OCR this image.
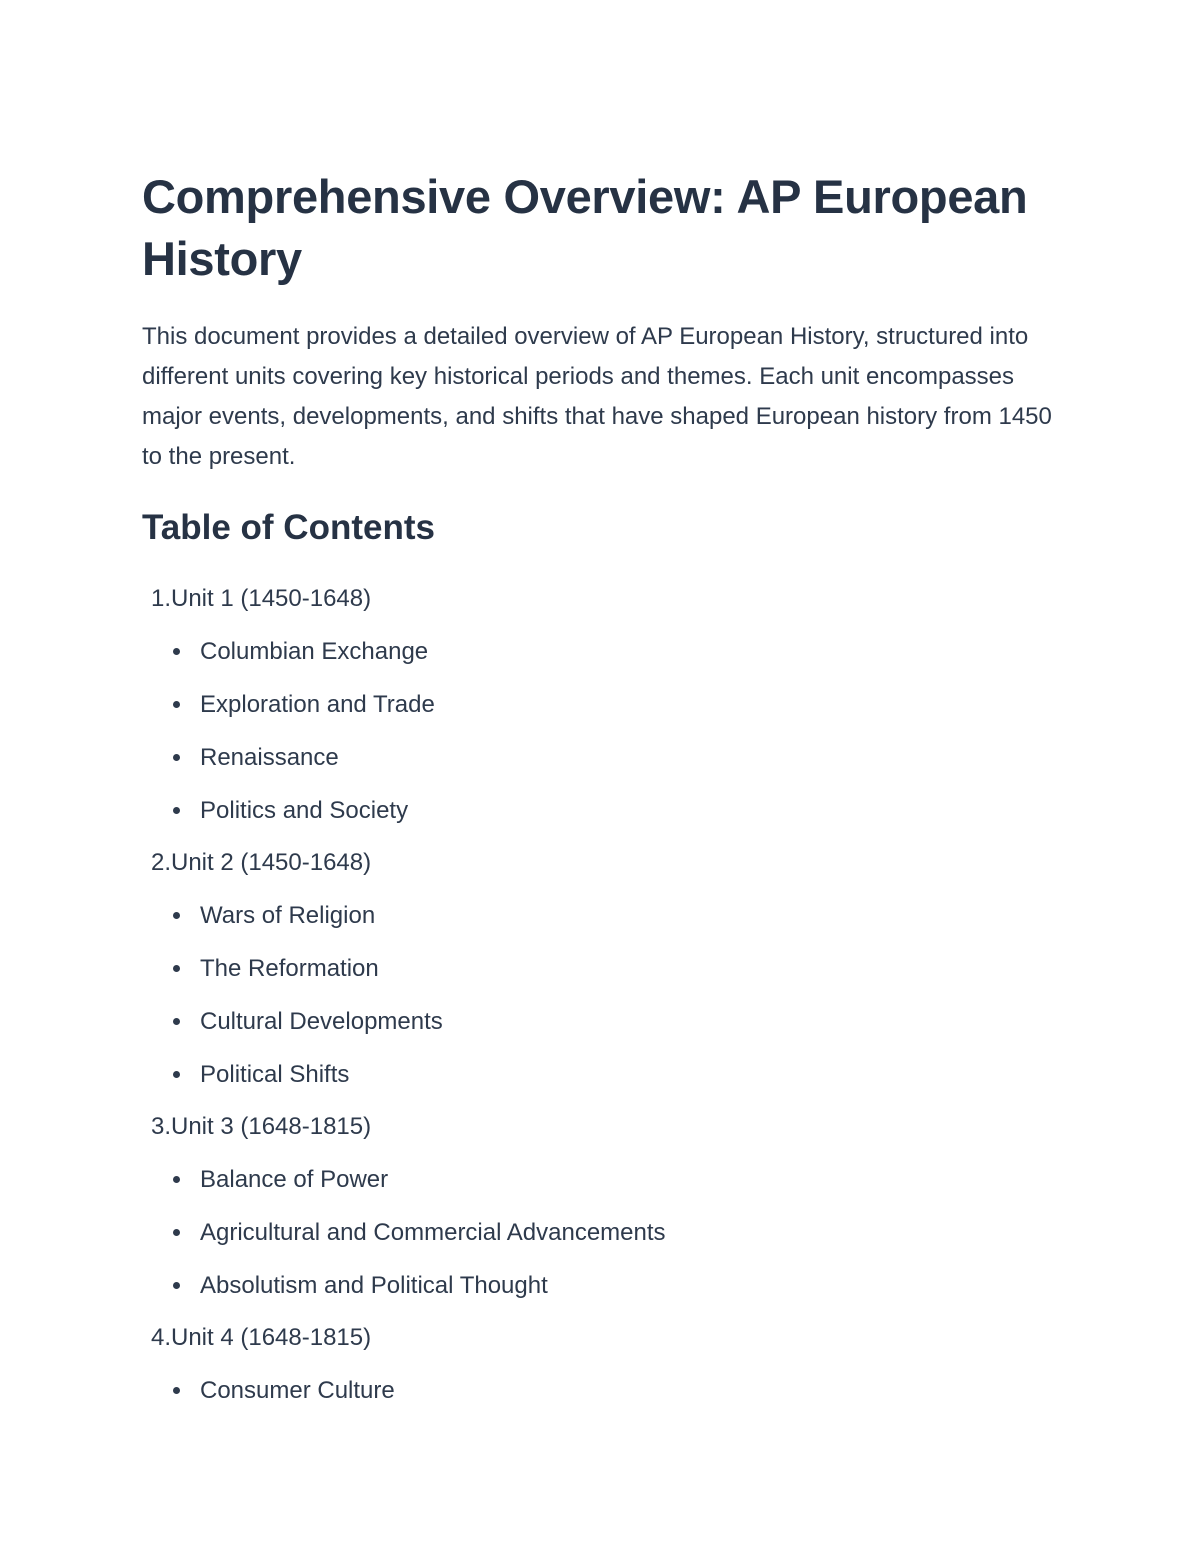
Comprehensive Overview: AP European History

This document provides a detailed overview of AP European History, structured into different units covering key historical periods and themes. Each unit encompasses major events, developments, and shifts that have shaped European history from 1450 to the present.

Table of Contents
1. Unit 1 (1450-1648)
Columbian Exchange
Exploration and Trade
Renaissance
Politics and Society
2. Unit 2 (1450-1648)
Wars of Religion
The Reformation
Cultural Developments
Political Shifts
3. Unit 3 (1648-1815)
Balance of Power
Agricultural and Commercial Advancements
Absolutism and Political Thought
4. Unit 4 (1648-1815)
Consumer Culture
